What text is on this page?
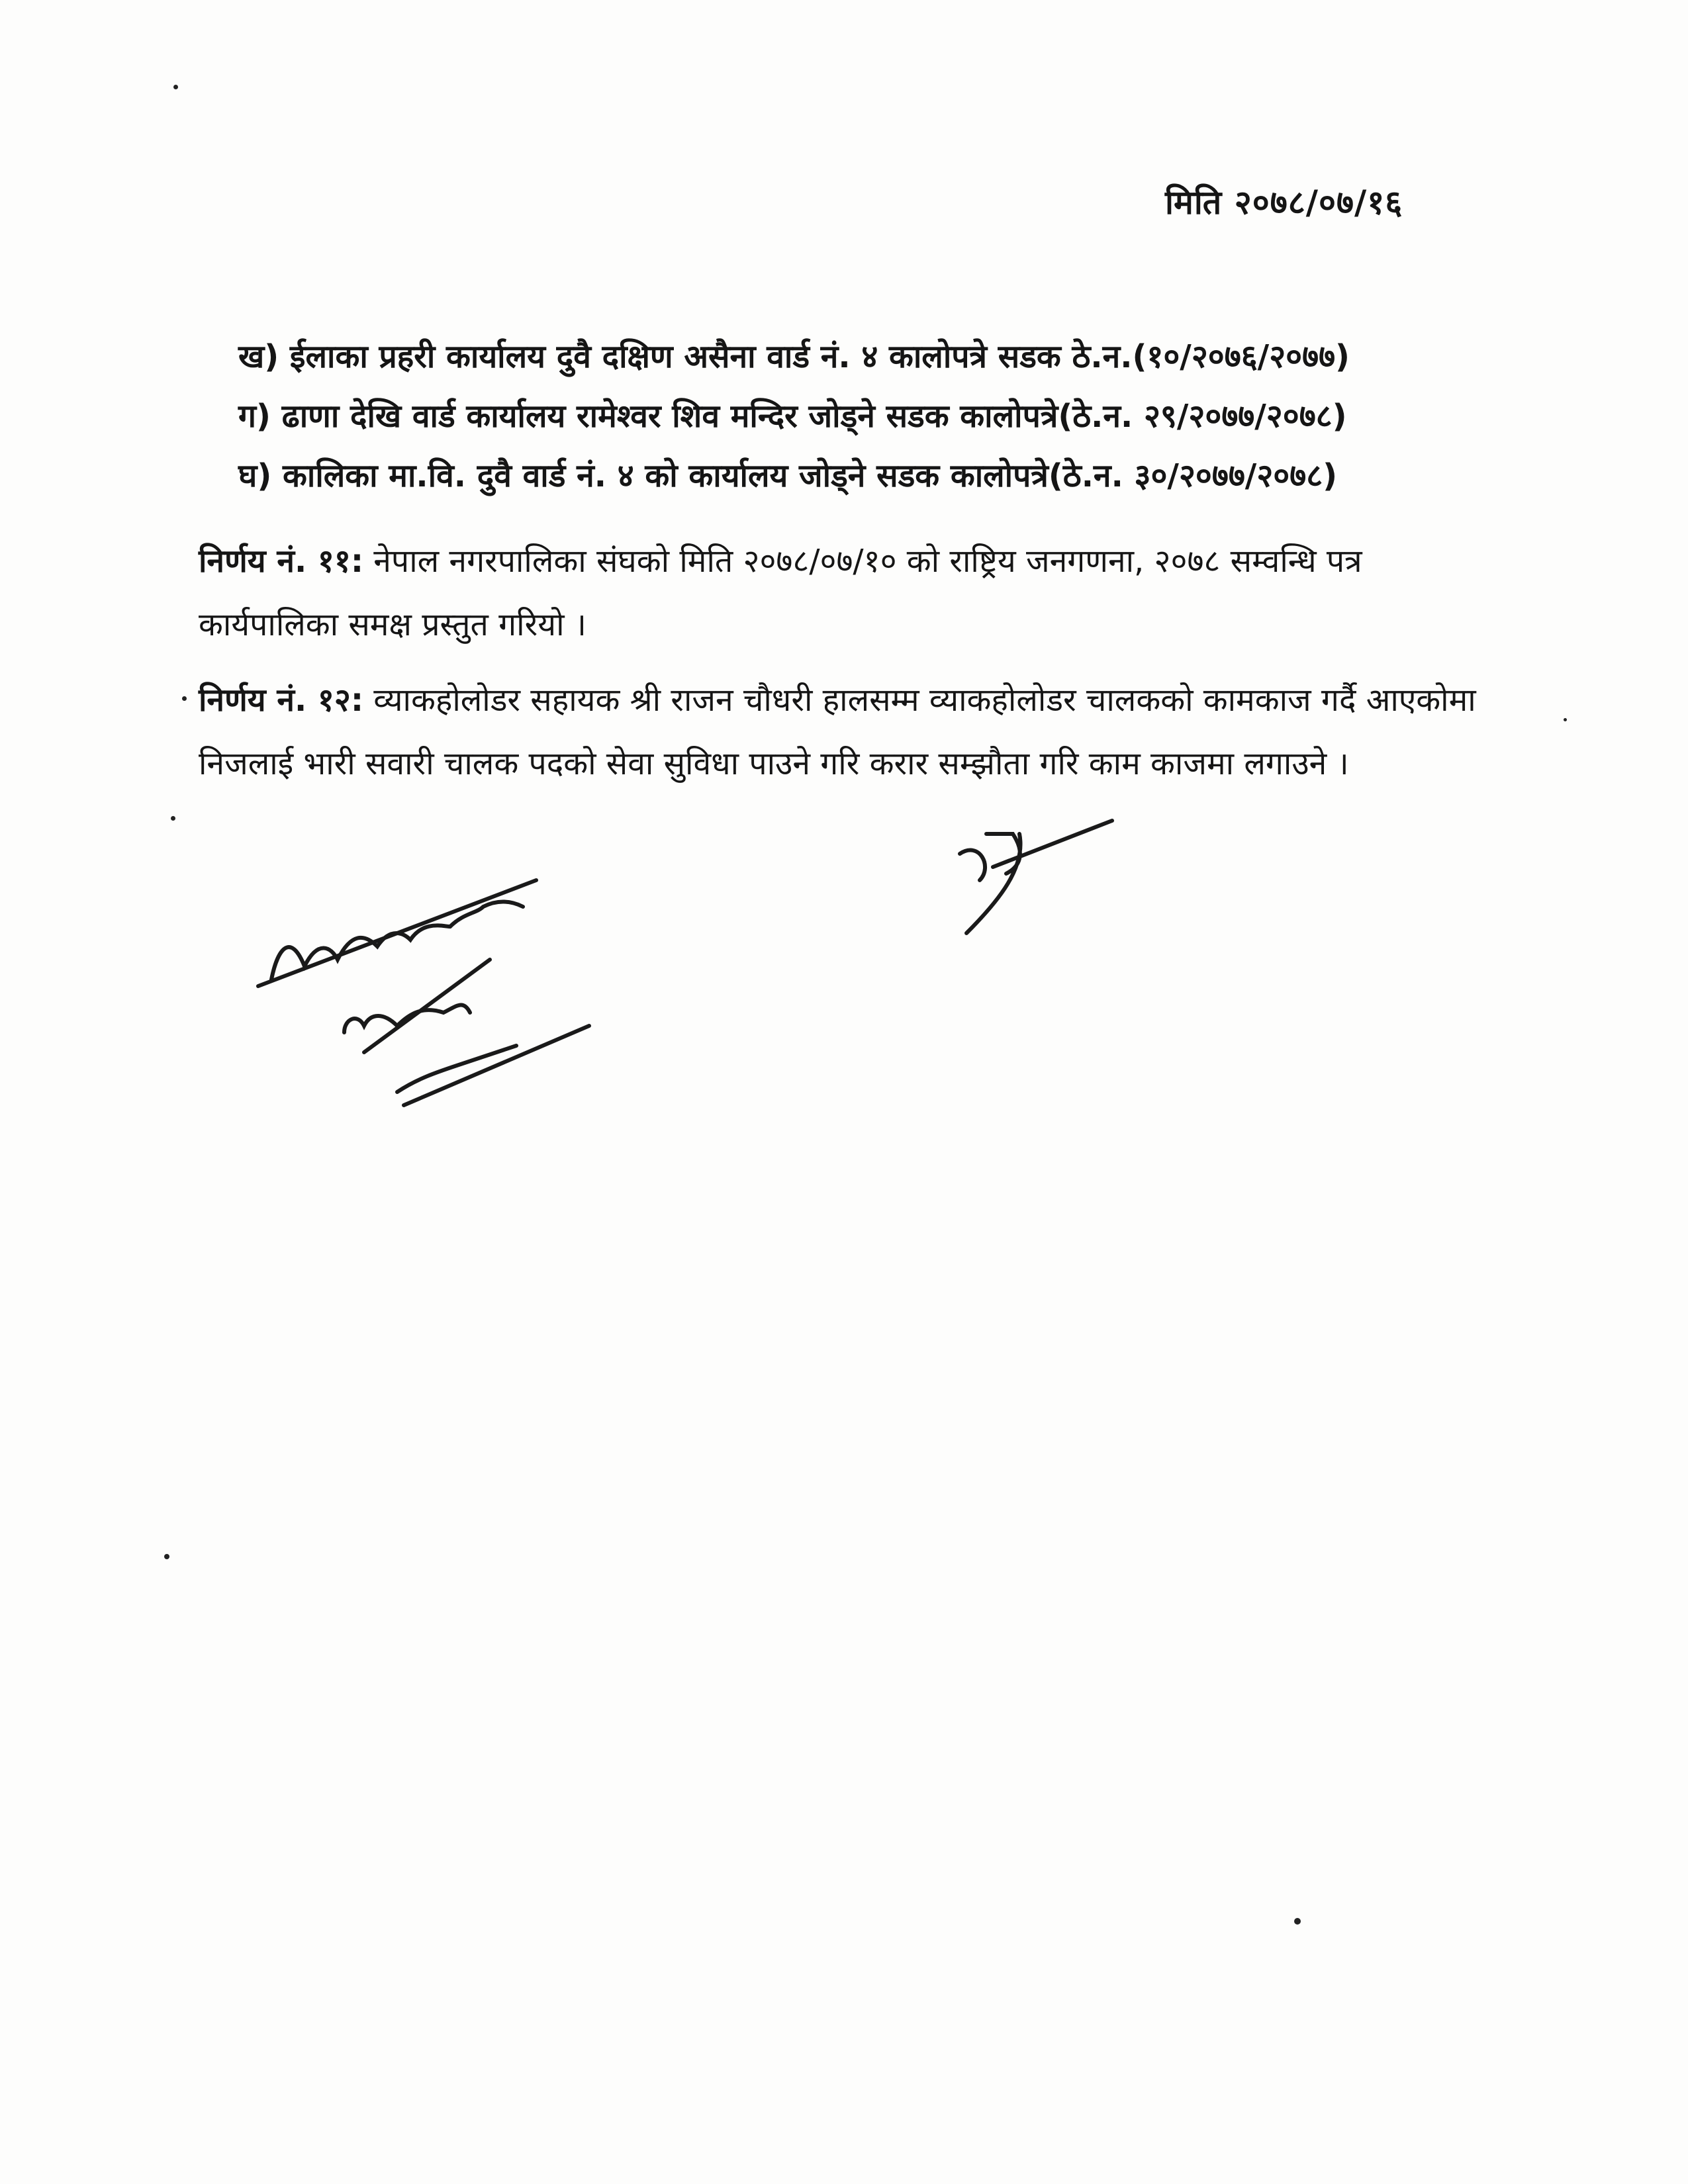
मिति २०७८/०७/१६
ख) ईलाका प्रहरी कार्यालय दुवै दक्षिण असैना वार्ड नं. ४ कालोपत्रे सडक ठे.न.(१०/२०७६/२०७७)
ग) ढाणा देखि वार्ड कार्यालय रामेश्वर शिव मन्दिर जोड्ने सडक कालोपत्रे(ठे.न. २९/२०७७/२०७८)
घ) कालिका मा.वि. दुवै वार्ड नं. ४ को कार्यालय जोड्ने सडक कालोपत्रे(ठे.न. ३०/२०७७/२०७८)
निर्णय नं. ११: नेपाल नगरपालिका संघको मिति २०७८/०७/१० को राष्ट्रिय जनगणना, २०७८ सम्वन्धि पत्र कार्यपालिका समक्ष प्रस्तुत गरियो ।
निर्णय नं. १२: व्याकहोलोडर सहायक श्री राजन चौधरी हालसम्म व्याकहोलोडर चालकको कामकाज गर्दै आएकोमा निजलाई भारी सवारी चालक पदको सेवा सुविधा पाउने गरि करार सम्झौता गरि काम काजमा लगाउने ।
